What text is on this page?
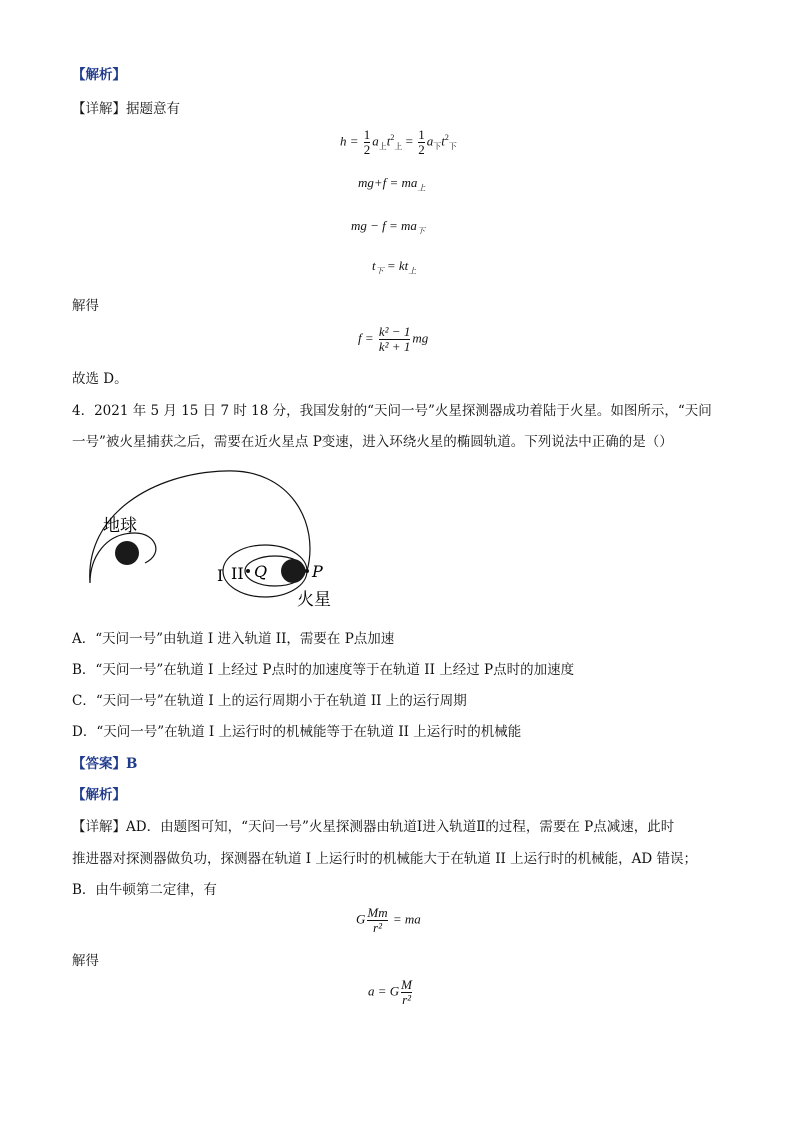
【解析】
【详解】据题意有
$h = \frac{1}{2} a_上t^2_上 = \frac{1}{2} a_下t^2_下$
$mg+f = ma_上$
mg − $f = ma_下$
$t_下 = kt_上$
解得
$f = \frac{\text{k² − 1}}{\text{k² + 1}}$ mg
故选 D。
4．2021 年 5 月 15 日 7 时 18 分，我国发射的“天问一号”火星探测器成功着陆于火星。如图所示，“天问
一号”被火星捕获之后，需要在近火星点 P变速，进入环绕火星的椭圆轨道。下列说法中正确的是（）
地球
火星
I II Q	P
A．“天问一号”由轨道 I 进入轨道 II，需要在 P点加速
B．“天问一号”在轨道 I 上经过 P点时的加速度等于在轨道 II 上经过 P点时的加速度
C．“天问一号”在轨道 I 上的运行周期小于在轨道 II 上的运行周期
D．“天问一号”在轨道 I 上运行时的机械能等于在轨道 II 上运行时的机械能
【答案】B
【解析】
【详解】AD．由题图可知，“天问一号”火星探测器由轨道Ⅰ进入轨道Ⅱ的过程，需要在 P点减速，此时
推进器对探测器做负功，探测器在轨道 I 上运行时的机械能大于在轨道 II 上运行时的机械能，AD 错误；
B．由牛顿第二定律，有
G $\frac{Mm}{\text{r²}}$ = ma
解得
a = G $\frac{M}{\text{r²}}$
